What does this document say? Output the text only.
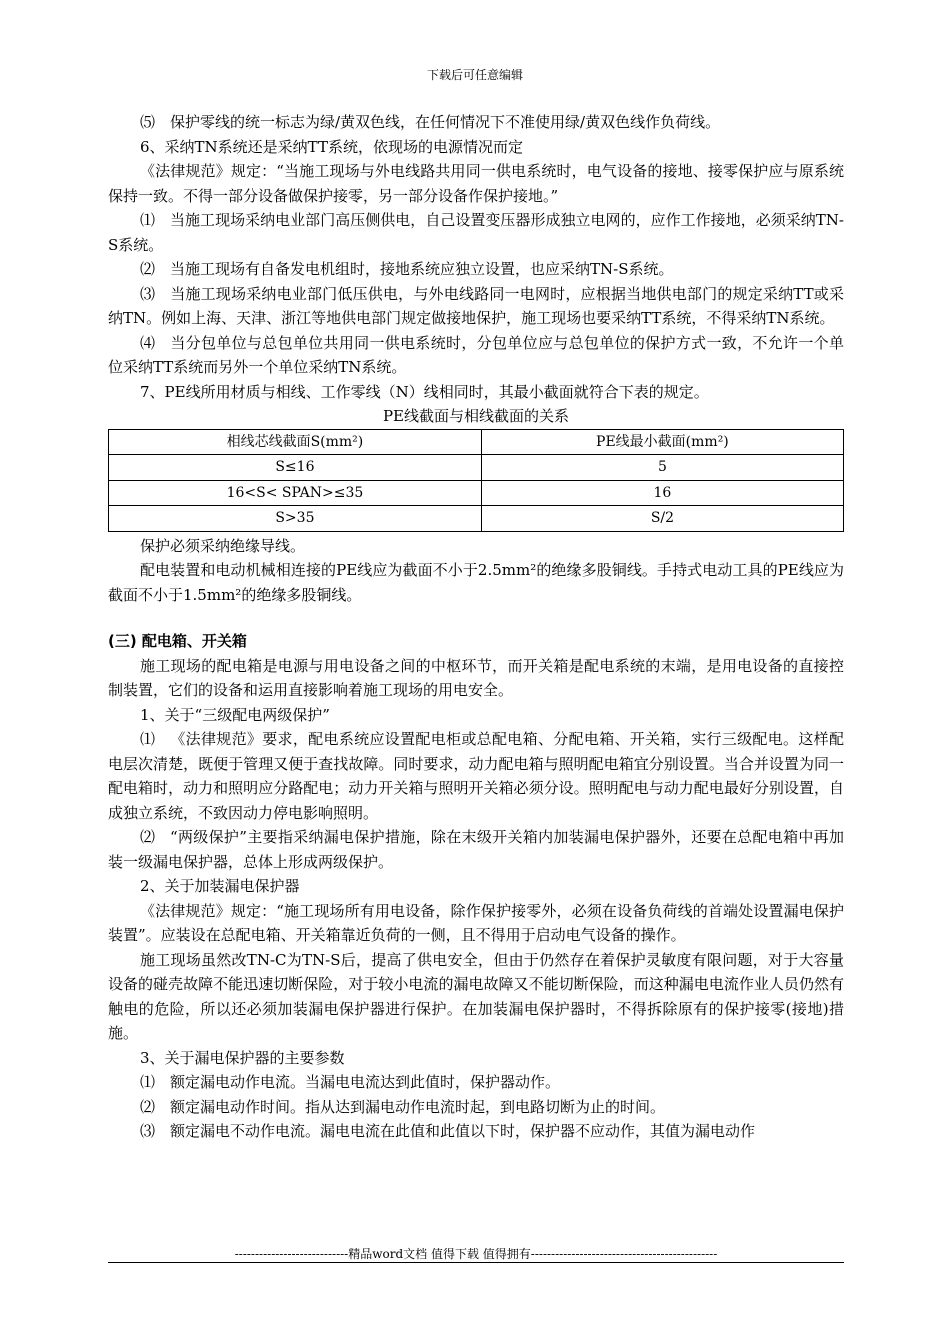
下载后可任意编辑

⑸ 保护零线的统一标志为绿/黄双色线，在任何情况下不准使用绿/黄双色线作负荷线。

6、采纳TN系统还是采纳TT系统，依现场的电源情况而定

《法律规范》规定：“当施工现场与外电线路共用同一供电系统时，电气设备的接地、接零保护应与原系统保持一致。不得一部分设备做保护接零，另一部分设备作保护接地。”

⑴ 当施工现场采纳电业部门高压侧供电，自己设置变压器形成独立电网的，应作工作接地，必须采纳TN-S系统。

⑵ 当施工现场有自备发电机组时，接地系统应独立设置，也应采纳TN-S系统。

⑶ 当施工现场采纳电业部门低压供电，与外电线路同一电网时，应根据当地供电部门的规定采纳TT或采纳TN。例如上海、天津、浙江等地供电部门规定做接地保护，施工现场也要采纳TT系统，不得采纳TN系统。

⑷ 当分包单位与总包单位共用同一供电系统时，分包单位应与总包单位的保护方式一致，不允许一个单位采纳TT系统而另外一个单位采纳TN系统。

7、PE线所用材质与相线、工作零线（N）线相同时，其最小截面就符合下表的规定。

PE线截面与相线截面的关系

相线芯线截面S(mm²)	PE线最小截面(mm²)
S≤16	5
16<S< SPAN>≤35	16
S>35	S/2

保护必须采纳绝缘导线。

配电装置和电动机械相连接的PE线应为截面不小于2.5mm²的绝缘多股铜线。手持式电动工具的PE线应为截面不小于1.5mm²的绝缘多股铜线。

(三) 配电箱、开关箱

施工现场的配电箱是电源与用电设备之间的中枢环节，而开关箱是配电系统的末端，是用电设备的直接控制装置，它们的设备和运用直接影响着施工现场的用电安全。

1、关于“三级配电两级保护”

⑴ 《法律规范》要求，配电系统应设置配电柜或总配电箱、分配电箱、开关箱，实行三级配电。这样配电层次清楚，既便于管理又便于查找故障。同时要求，动力配电箱与照明配电箱宜分别设置。当合并设置为同一配电箱时，动力和照明应分路配电；动力开关箱与照明开关箱必须分设。照明配电与动力配电最好分别设置，自成独立系统，不致因动力停电影响照明。

⑵ “两级保护”主要指采纳漏电保护措施，除在末级开关箱内加装漏电保护器外，还要在总配电箱中再加装一级漏电保护器，总体上形成两级保护。

2、关于加装漏电保护器

《法律规范》规定：“施工现场所有用电设备，除作保护接零外，必须在设备负荷线的首端处设置漏电保护装置”。应装设在总配电箱、开关箱靠近负荷的一侧，且不得用于启动电气设备的操作。

施工现场虽然改TN-C为TN-S后，提高了供电安全，但由于仍然存在着保护灵敏度有限问题，对于大容量设备的碰壳故障不能迅速切断保险，对于较小电流的漏电故障又不能切断保险，而这种漏电电流作业人员仍然有触电的危险，所以还必须加装漏电保护器进行保护。在加装漏电保护器时，不得拆除原有的保护接零(接地)措施。

3、关于漏电保护器的主要参数

⑴ 额定漏电动作电流。当漏电电流达到此值时，保护器动作。

⑵ 额定漏电动作时间。指从达到漏电动作电流时起，到电路切断为止的时间。

⑶ 额定漏电不动作电流。漏电电流在此值和此值以下时，保护器不应动作，其值为漏电动作

----------------------------精品word文档 值得下载 值得拥有----------------------------------------------
